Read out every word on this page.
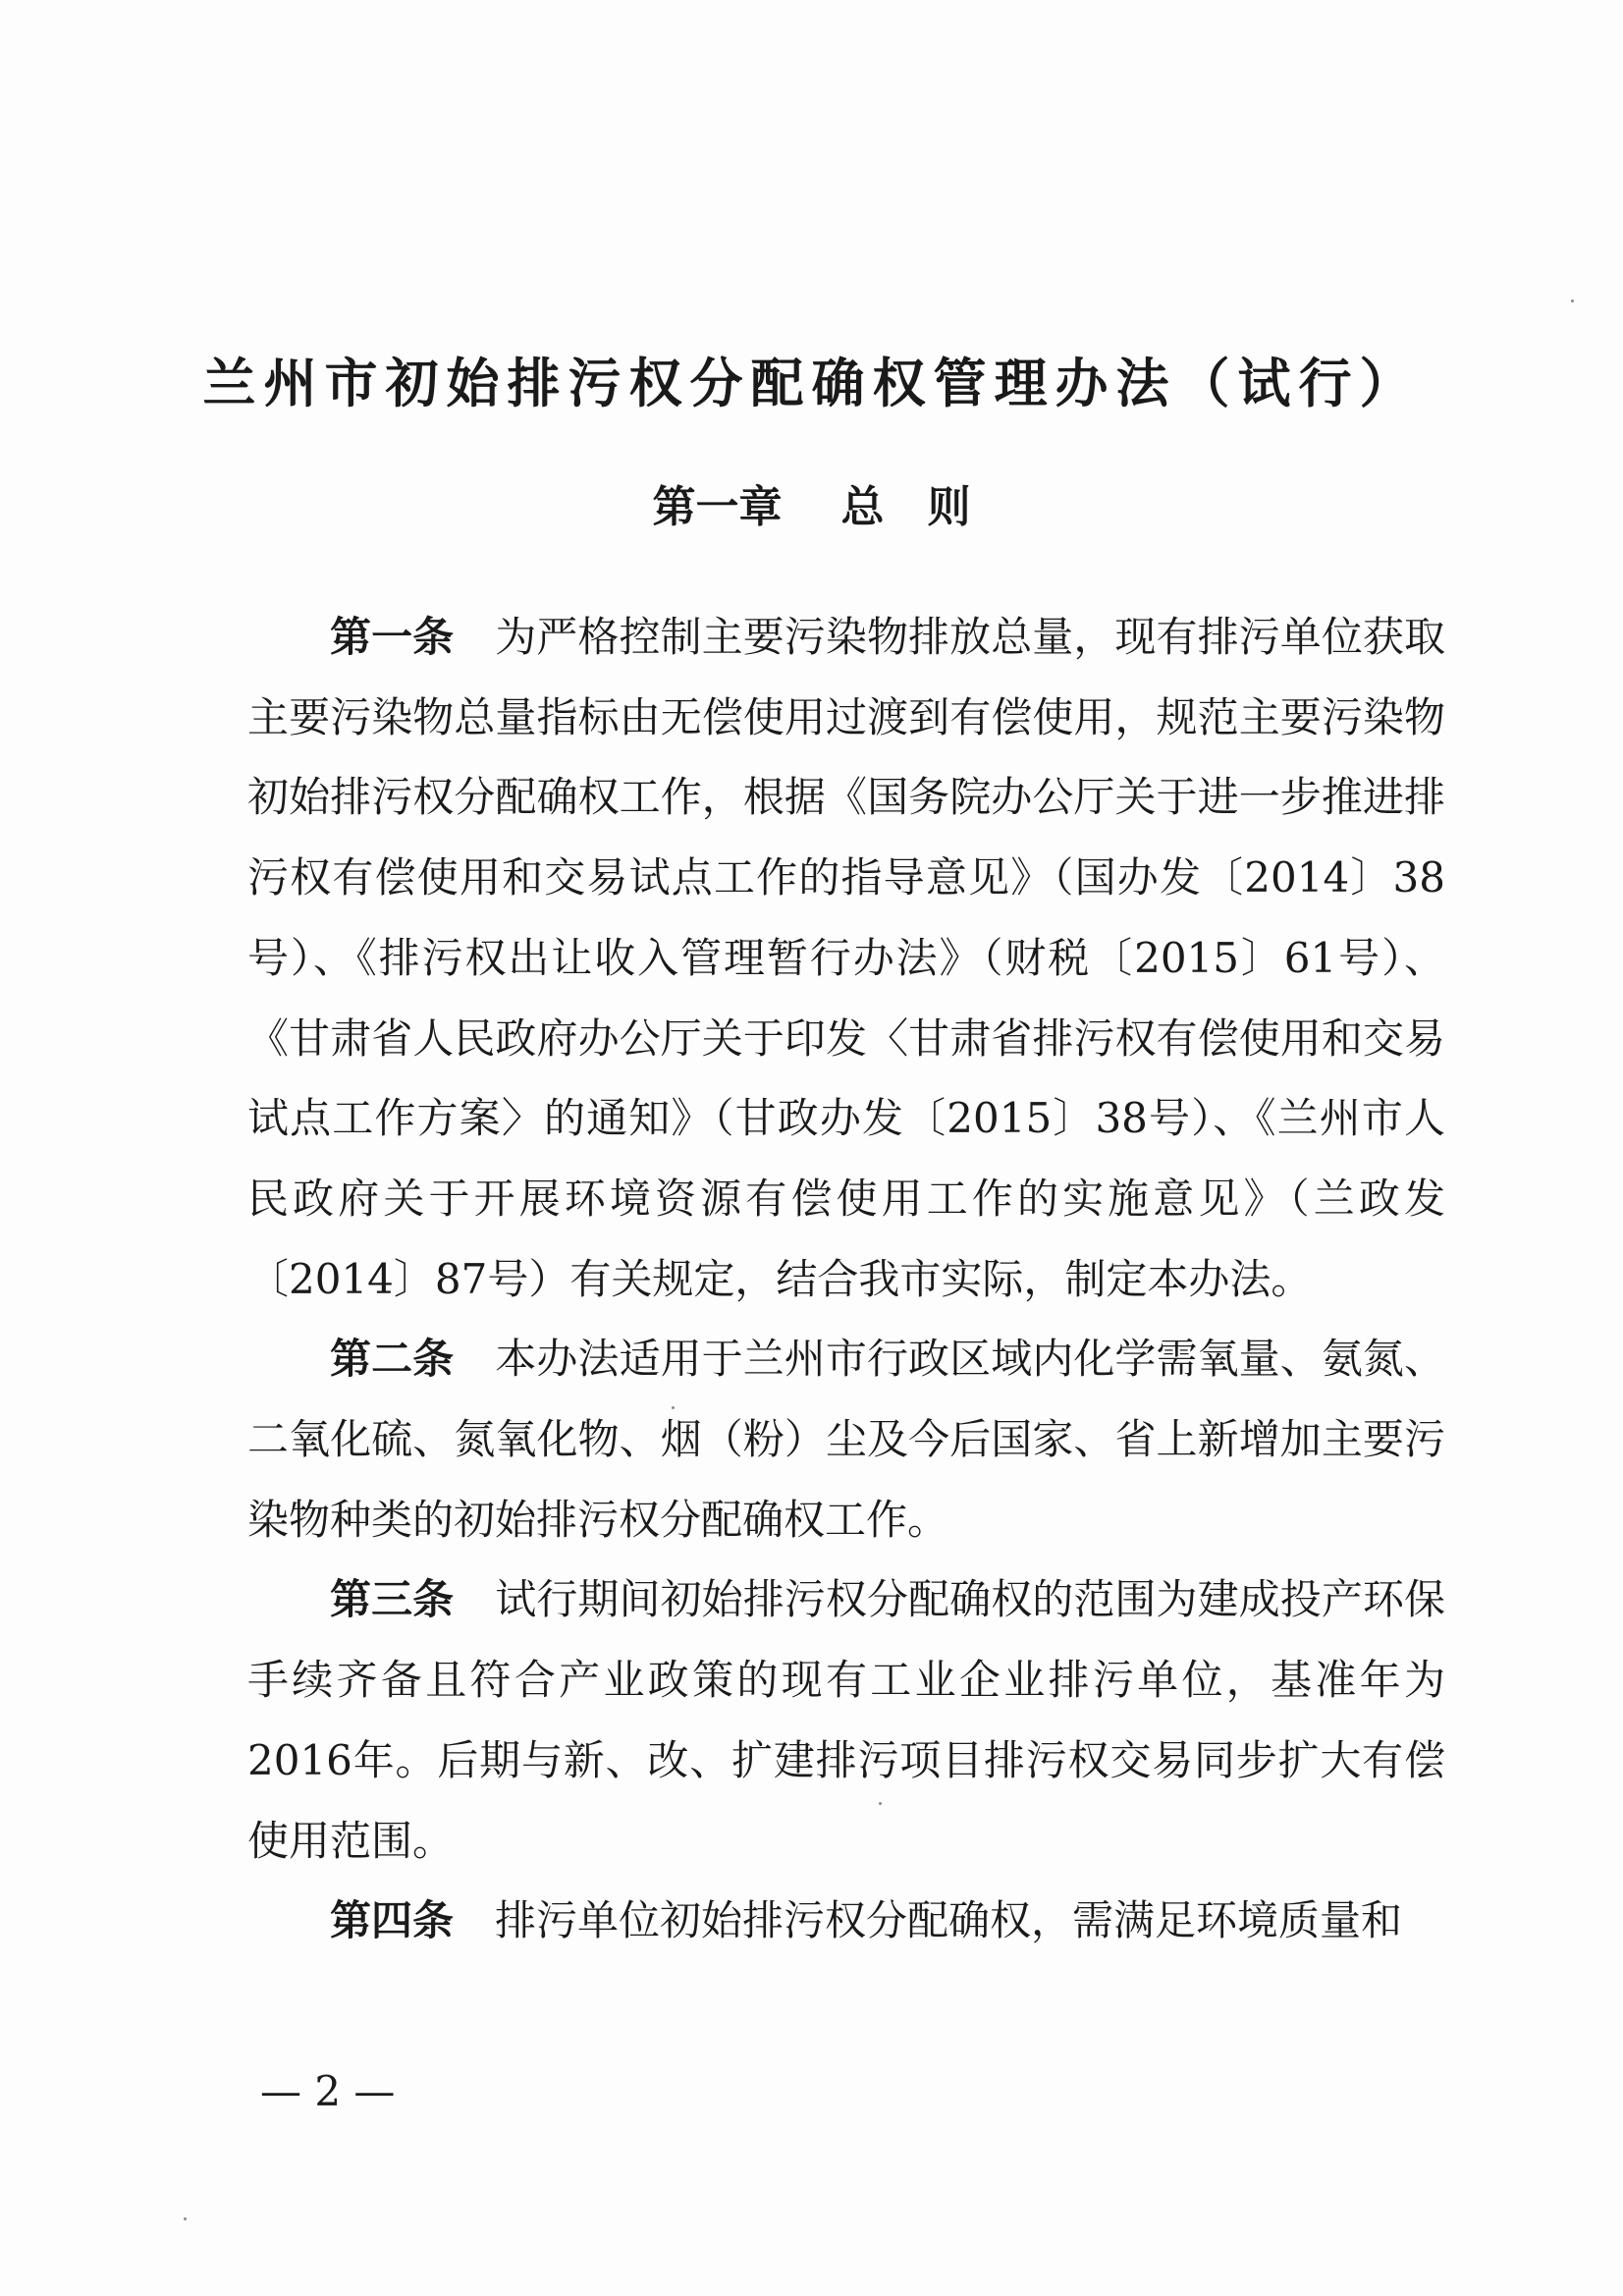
兰州市初始排污权分配确权管理办法（试行）
第一章 总 则

第一条 为严格控制主要污染物排放总量，现有排污单位获取主要污染物总量指标由无偿使用过渡到有偿使用，规范主要污染物初始排污权分配确权工作，根据《国务院办公厅关于进一步推进排污权有偿使用和交易试点工作的指导意见》（国办发〔2014〕38号）、《排污权出让收入管理暂行办法》（财税〔2015〕61号）、《甘肃省人民政府办公厅关于印发〈甘肃省排污权有偿使用和交易试点工作方案〉的通知》（甘政办发〔2015〕38号）、《兰州市人民政府关于开展环境资源有偿使用工作的实施意见》（兰政发〔2014〕87号）有关规定，结合我市实际，制定本办法。

第二条 本办法适用于兰州市行政区域内化学需氧量、氨氮、二氧化硫、氮氧化物、烟（粉）尘及今后国家、省上新增加主要污染物种类的初始排污权分配确权工作。

第三条 试行期间初始排污权分配确权的范围为建成投产环保手续齐备且符合产业政策的现有工业企业排污单位，基准年为2016年。后期与新、改、扩建排污项目排污权交易同步扩大有偿使用范围。

第四条 排污单位初始排污权分配确权，需满足环境质量和

— 2 —
